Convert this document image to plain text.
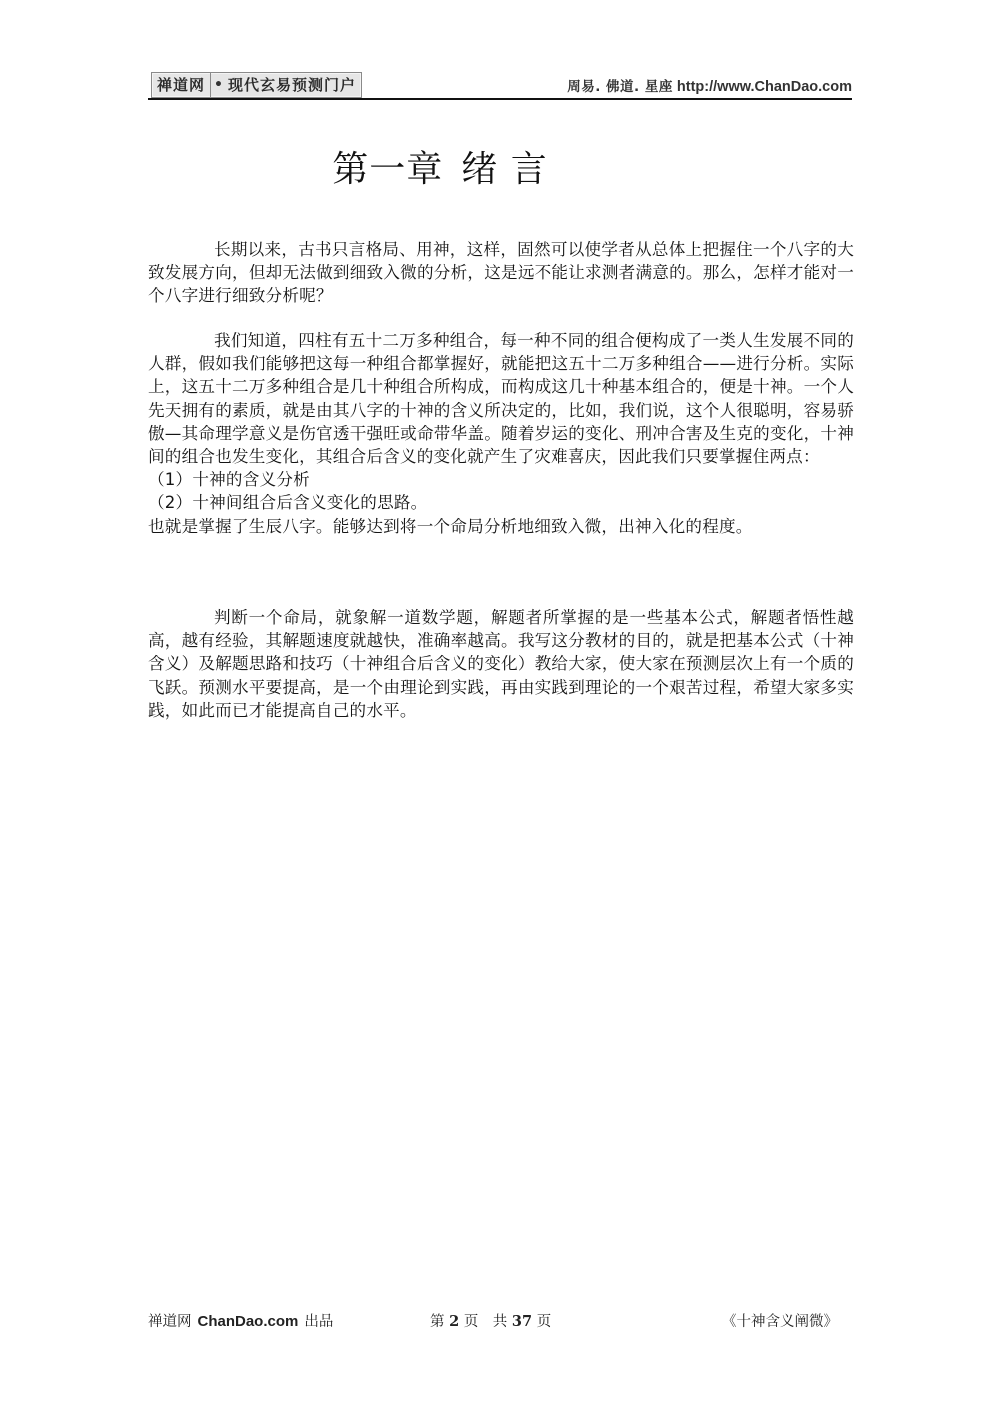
禅道网 • 现代玄易预测门户	周易. 佛道. 星座 http://www.ChanDao.com
第一章 绪 言

长期以来，古书只言格局、用神，这样，固然可以使学者从总体上把握住一个八字的大致发展方向，但却无法做到细致入微的分析，这是远不能让求测者满意的。那么，怎样才能对一个八字进行细致分析呢？

我们知道，四柱有五十二万多种组合，每一种不同的组合便构成了一类人生发展不同的人群，假如我们能够把这每一种组合都掌握好，就能把这五十二万多种组合——进行分析。实际上，这五十二万多种组合是几十种组合所构成，而构成这几十种基本组合的，便是十神。一个人先天拥有的素质，就是由其八字的十神的含义所决定的，比如，我们说，这个人很聪明，容易骄傲—其命理学意义是伤官透干强旺或命带华盖。随着岁运的变化、刑冲合害及生克的变化，十神间的组合也发生变化，其组合后含义的变化就产生了灾难喜庆，因此我们只要掌握住两点：

（1）十神的含义分析

（2）十神间组合后含义变化的思路。

也就是掌握了生辰八字。能够达到将一个命局分析地细致入微，出神入化的程度。

判断一个命局，就象解一道数学题，解题者所掌握的是一些基本公式，解题者悟性越高，越有经验，其解题速度就越快，准确率越高。我写这分教材的目的，就是把基本公式（十神含义）及解题思路和技巧（十神组合后含义的变化）教给大家，使大家在预测层次上有一个质的飞跃。预测水平要提高，是一个由理论到实践，再由实践到理论的一个艰苦过程，希望大家多实践，如此而已才能提高自己的水平。

禅道网 ChanDao.com 出品	第 2 页　共 37 页	《十神含义阐微》
